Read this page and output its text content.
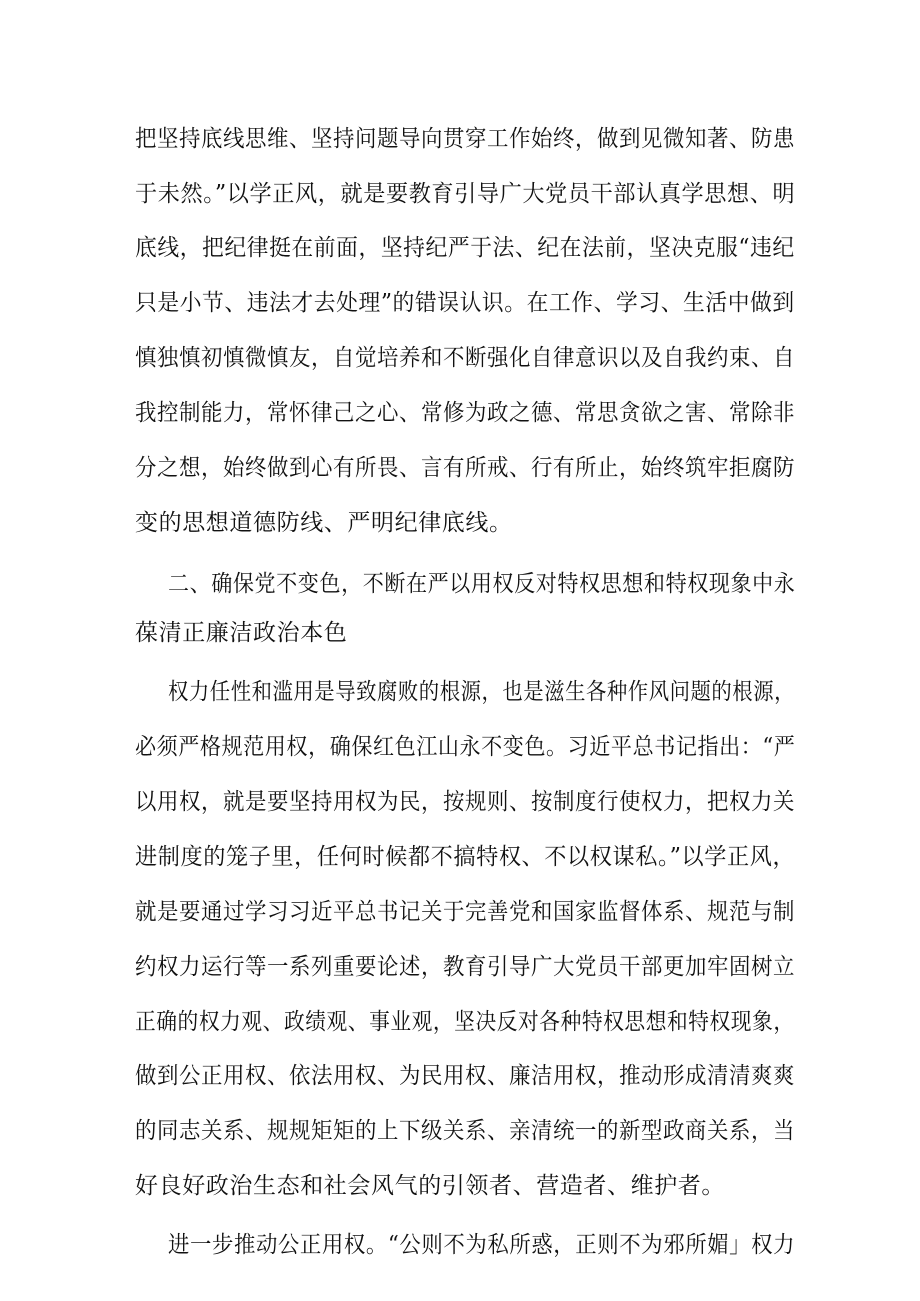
把坚持底线思维、坚持问题导向贯穿工作始终，做到见微知著、防患

于未然。”以学正风，就是要教育引导广大党员干部认真学思想、明

底线，把纪律挺在前面，坚持纪严于法、纪在法前，坚决克服“违纪

只是小节、违法才去处理”的错误认识。在工作、学习、生活中做到

慎独慎初慎微慎友，自觉培养和不断强化自律意识以及自我约束、自

我控制能力，常怀律己之心、常修为政之德、常思贪欲之害、常除非

分之想，始终做到心有所畏、言有所戒、行有所止，始终筑牢拒腐防

变的思想道德防线、严明纪律底线。

二、确保党不变色，不断在严以用权反对特权思想和特权现象中永

葆清正廉洁政治本色

权力任性和滥用是导致腐败的根源，也是滋生各种作风问题的根源，

必须严格规范用权，确保红色江山永不变色。习近平总书记指出：“严

以用权，就是要坚持用权为民，按规则、按制度行使权力，把权力关

进制度的笼子里，任何时候都不搞特权、不以权谋私。”以学正风，

就是要通过学习习近平总书记关于完善党和国家监督体系、规范与制

约权力运行等一系列重要论述，教育引导广大党员干部更加牢固树立

正确的权力观、政绩观、事业观，坚决反对各种特权思想和特权现象，

做到公正用权、依法用权、为民用权、廉洁用权，推动形成清清爽爽

的同志关系、规规矩矩的上下级关系、亲清统一的新型政商关系，当

好良好政治生态和社会风气的引领者、营造者、维护者。

进一步推动公正用权。“公则不为私所惑，正则不为邪所媚」权力
